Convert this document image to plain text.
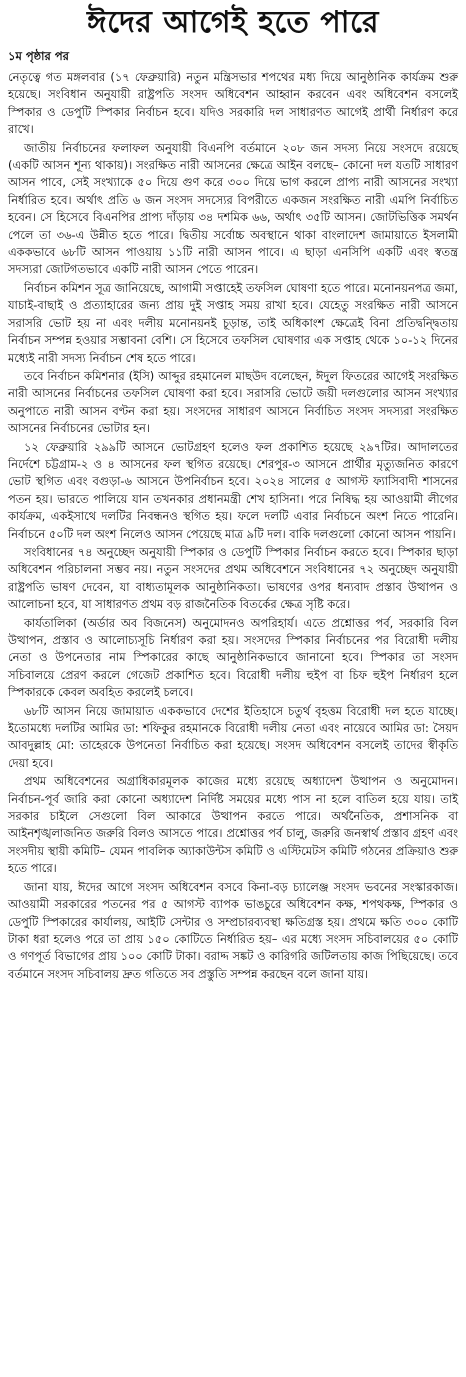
ঈদের আগেই হতে পারে
১ম পৃষ্ঠার পর

নেতৃত্বে গত মঙ্গলবার (১৭ ফেব্রুয়ারি) নতুন মন্ত্রিসভার শপথের মধ্য দিয়ে আনুষ্ঠানিক কার্যক্রম শুরু হয়েছে। সংবিধান অনুযায়ী রাষ্ট্রপতি সংসদ অধিবেশন আহ্বান করবেন এবং অধিবেশন বসলেই স্পিকার ও ডেপুটি স্পিকার নির্বাচন হবে। যদিও সরকারি দল সাধারণত আগেই প্রার্থী নির্ধারণ করে রাখে।

জাতীয় নির্বাচনের ফলাফল অনুযায়ী বিএনপি বর্তমানে ২০৮ জন সদস্য নিয়ে সংসদে রয়েছে (একটি আসন শূন্য থাকায়)। সংরক্ষিত নারী আসনের ক্ষেত্রে আইন বলছে– কোনো দল যতটি সাধারণ আসন পাবে, সেই সংখ্যাকে ৫০ দিয়ে গুণ করে ৩০০ দিয়ে ভাগ করলে প্রাপ্য নারী আসনের সংখ্যা নির্ধারিত হবে। অর্থাৎ প্রতি ৬ জন সংসদ সদস্যের বিপরীতে একজন সংরক্ষিত নারী এমপি নির্বাচিত হবেন। সে হিসেবে বিএনপির প্রাপ্য দাঁড়ায় ৩৪ দশমিক ৬৬, অর্থাৎ ৩৫টি আসন। জোটভিত্তিক সমর্থন পেলে তা ৩৬-এ উন্নীত হতে পারে। দ্বিতীয় সর্বোচ্চ অবস্থানে থাকা বাংলাদেশ জামায়াতে ইসলামী এককভাবে ৬৮টি আসন পাওয়ায় ১১টি নারী আসন পাবে। এ ছাড়া এনসিপি একটি এবং স্বতন্ত্র সদস্যরা জোটগতভাবে একটি নারী আসন পেতে পারেন।

নির্বাচন কমিশন সূত্র জানিয়েছে, আগামী সপ্তাহেই তফসিল ঘোষণা হতে পারে। মনোনয়নপত্র জমা, যাচাই-বাছাই ও প্রত্যাহারের জন্য প্রায় দুই সপ্তাহ সময় রাখা হবে। যেহেতু সংরক্ষিত নারী আসনে সরাসরি ভোট হয় না এবং দলীয় মনোনয়নই চূড়ান্ত, তাই অধিকাংশ ক্ষেত্রেই বিনা প্রতিদ্বন্দ্বিতায় নির্বাচন সম্পন্ন হওয়ার সম্ভাবনা বেশি। সে হিসেবে তফসিল ঘোষণার এক সপ্তাহ থেকে ১০-১২ দিনের মধ্যেই নারী সদস্য নির্বাচন শেষ হতে পারে।

তবে নির্বাচন কমিশনার (ইসি) আব্দুর রহমানেল মাছউদ বলেছেন, ঈদুল ফিতরের আগেই সংরক্ষিত নারী আসনের নির্বাচনের তফসিল ঘোষণা করা হবে। সরাসরি ভোটে জয়ী দলগুলোর আসন সংখ্যার অনুপাতে নারী আসন বণ্টন করা হয়। সংসদের সাধারণ আসনে নির্বাচিত সংসদ সদস্যরা সংরক্ষিত আসনের নির্বাচনের ভোটার হন।

১২ ফেব্রুয়ারি ২৯৯টি আসনে ভোটগ্রহণ হলেও ফল প্রকাশিত হয়েছে ২৯৭টির। আদালতের নির্দেশে চট্টগ্রাম-২ ও ৪ আসনের ফল স্থগিত রয়েছে। শেরপুর-৩ আসনে প্রার্থীর মৃত্যুজনিত কারণে ভোট স্থগিত এবং বগুড়া-৬ আসনে উপনির্বাচন হবে। ২০২৪ সালের ৫ আগস্ট ফ্যাসিবাদী শাসনের পতন হয়। ভারতে পালিয়ে যান তখনকার প্রধানমন্ত্রী শেখ হাসিনা। পরে নিষিদ্ধ হয় আওয়ামী লীগের কার্যক্রম, একইসাথে দলটির নিবন্ধনও স্থগিত হয়। ফলে দলটি এবার নির্বাচনে অংশ নিতে পারেনি। নির্বাচনে ৫০টি দল অংশ নিলেও আসন পেয়েছে মাত্র ৯টি দল। বাকি দলগুলো কোনো আসন পায়নি।

সংবিধানের ৭৪ অনুচ্ছেদ অনুযায়ী স্পিকার ও ডেপুটি স্পিকার নির্বাচন করতে হবে। স্পিকার ছাড়া অধিবেশন পরিচালনা সম্ভব নয়। নতুন সংসদের প্রথম অধিবেশনে সংবিধানের ৭২ অনুচ্ছেদ অনুযায়ী রাষ্ট্রপতি ভাষণ দেবেন, যা বাধ্যতামূলক আনুষ্ঠানিকতা। ভাষণের ওপর ধন্যবাদ প্রস্তাব উত্থাপন ও আলোচনা হবে, যা সাধারণত প্রথম বড় রাজনৈতিক বিতর্কের ক্ষেত্র সৃষ্টি করে।

কার্যতালিকা (অর্ডার অব বিজনেস) অনুমোদনও অপরিহার্য। এতে প্রশ্নোত্তর পর্ব, সরকারি বিল উত্থাপন, প্রস্তাব ও আলোচ্যসূচি নির্ধারণ করা হয়। সংসদের স্পিকার নির্বাচনের পর বিরোধী দলীয় নেতা ও উপনেতার নাম স্পিকারের কাছে আনুষ্ঠানিকভাবে জানানো হবে। স্পিকার তা সংসদ সচিবালয়ে প্রেরণ করলে গেজেট প্রকাশিত হবে। বিরোধী দলীয় হুইপ বা চিফ হুইপ নির্ধারণ হলে স্পিকারকে কেবল অবহিত করলেই চলবে।

৬৮টি আসন নিয়ে জামায়াত এককভাবে দেশের ইতিহাসে চতুর্থ বৃহত্তম বিরোধী দল হতে যাচ্ছে। ইতোমধ্যে দলটির আমির ডা: শফিকুর রহমানকে বিরোধী দলীয় নেতা এবং নায়েবে আমির ডা: সৈয়দ আবদুল্লাহ মো: তাহেরকে উপনেতা নির্বাচিত করা হয়েছে। সংসদ অধিবেশন বসলেই তাদের স্বীকৃতি দেয়া হবে।

প্রথম অধিবেশনের অগ্রাধিকারমূলক কাজের মধ্যে রয়েছে অধ্যাদেশ উত্থাপন ও অনুমোদন। নির্বাচন-পূর্ব জারি করা কোনো অধ্যাদেশ নির্দিষ্ট সময়ের মধ্যে পাস না হলে বাতিল হয়ে যায়। তাই সরকার চাইলে সেগুলো বিল আকারে উত্থাপন করতে পারে। অর্থনৈতিক, প্রশাসনিক বা আইনশৃঙ্খলাজনিত জরুরি বিলও আসতে পারে। প্রশ্নোত্তর পর্ব চালু, জরুরি জনস্বার্থ প্রস্তাব গ্রহণ এবং সংসদীয় স্থায়ী কমিটি– যেমন পাবলিক অ্যাকাউন্টস কমিটি ও এস্টিমেটস কমিটি গঠনের প্রক্রিয়াও শুরু হতে পারে।

জানা যায়, ঈদের আগে সংসদ অধিবেশন বসবে কিনা-বড় চ্যালেঞ্জ সংসদ ভবনের সংস্কারকাজ। আওয়ামী সরকারের পতনের পর ৫ আগস্ট ব্যাপক ভাঙচুরে অধিবেশন কক্ষ, শপথকক্ষ, স্পিকার ও ডেপুটি স্পিকারের কার্যালয়, আইটি সেন্টার ও সম্প্রচারব্যবস্থা ক্ষতিগ্রস্ত হয়। প্রথমে ক্ষতি ৩০০ কোটি টাকা ধরা হলেও পরে তা প্রায় ১৫০ কোটিতে নির্ধারিত হয়– এর মধ্যে সংসদ সচিবালয়ের ৫০ কোটি ও গণপূর্ত বিভাগের প্রায় ১০০ কোটি টাকা। বরাদ্দ সঙ্কট ও কারিগরি জটিলতায় কাজ পিছিয়েছে। তবে বর্তমানে সংসদ সচিবালয় দ্রুত গতিতে সব প্রস্তুতি সম্পন্ন করছেন বলে জানা যায়।
